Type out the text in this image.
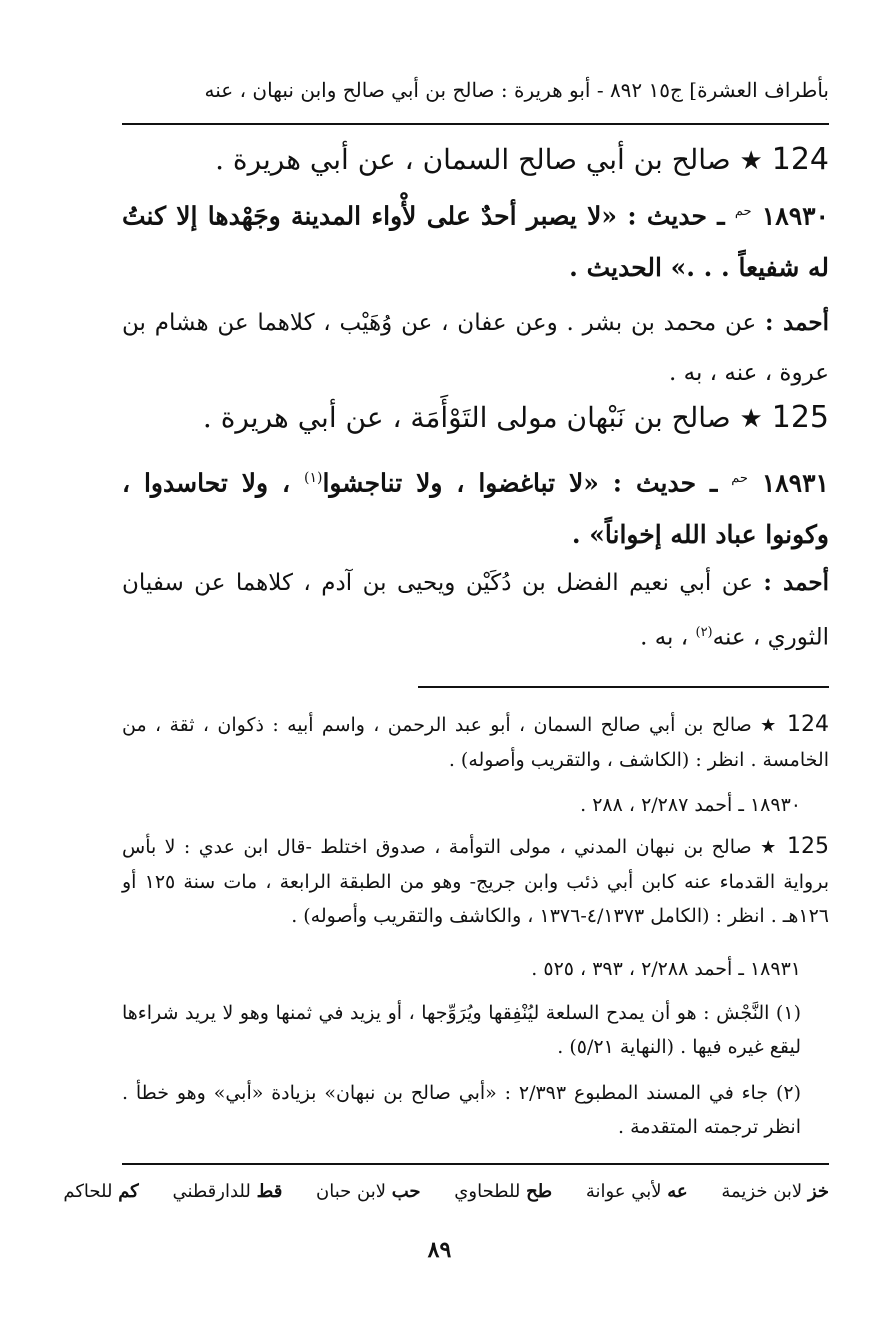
بأطراف العشرة] ج١٥ ٨٩٢ - أبو هريرة : صالح بن أبي صالح وابن نبهان ، عنه
124 ★ صالح بن أبي صالح السمان ، عن أبي هريرة .
١٨٩٣٠ $^{حم}$ ـ حديث : «لا يصبر أحدٌ على لأْواء المدينة وجَهْدها إلا كنتُ له شفيعاً . . .» الحديث .
أحمد : عن محمد بن بشر . وعن عفان ، عن وُهَيْب ، كلاهما عن هشام بن عروة ، عنه ، به .
125 ★ صالح بن نَبْهان مولى التَوْأَمَة ، عن أبي هريرة .
١٨٩٣١ $^{حم}$ ـ حديث : «لا تباغضوا ، ولا تناجشوا$^{(١)}$ ، ولا تحاسدوا ، وكونوا عباد الله إخواناً» .
أحمد : عن أبي نعيم الفضل بن دُكَيْن ويحيى بن آدم ، كلاهما عن سفيان الثوري ، عنه$^{(٢)}$ ، به .
124 ★ صالح بن أبي صالح السمان ، أبو عبد الرحمن ، واسم أبيه : ذكوان ، ثقة ، من الخامسة . انظر : (الكاشف ، والتقريب وأصوله) .
١٨٩٣٠ ـ أحمد ٢/٢٨٧ ، ٢٨٨ .
125 ★ صالح بن نبهان المدني ، مولى التوأمة ، صدوق اختلط -قال ابن عدي : لا بأس برواية القدماء عنه كابن أبي ذئب وابن جريج- وهو من الطبقة الرابعة ، مات سنة ١٢٥ أو ١٢٦هـ . انظر : (الكامل ٤/١٣٧٣-١٣٧٦ ، والكاشف والتقريب وأصوله) .
١٨٩٣١ ـ أحمد ٢/٢٨٨ ، ٣٩٣ ، ٥٢٥ .
(١) النَّجْش : هو أن يمدح السلعة ليُنْفِقها ويُرَوِّجها ، أو يزيد في ثمنها وهو لا يريد شراءها ليقع غيره فيها . (النهاية ٥/٢١) .
(٢) جاء في المسند المطبوع ٢/٣٩٣ : «أبي صالح بن نبهان» بزيادة «أبي» وهو خطأ . انظر ترجمته المتقدمة .
خز لابن خزيمة عه لأبي عوانة طح للطحاوي حب لابن حبان قط للدارقطني كم للحاكم
٨٩
